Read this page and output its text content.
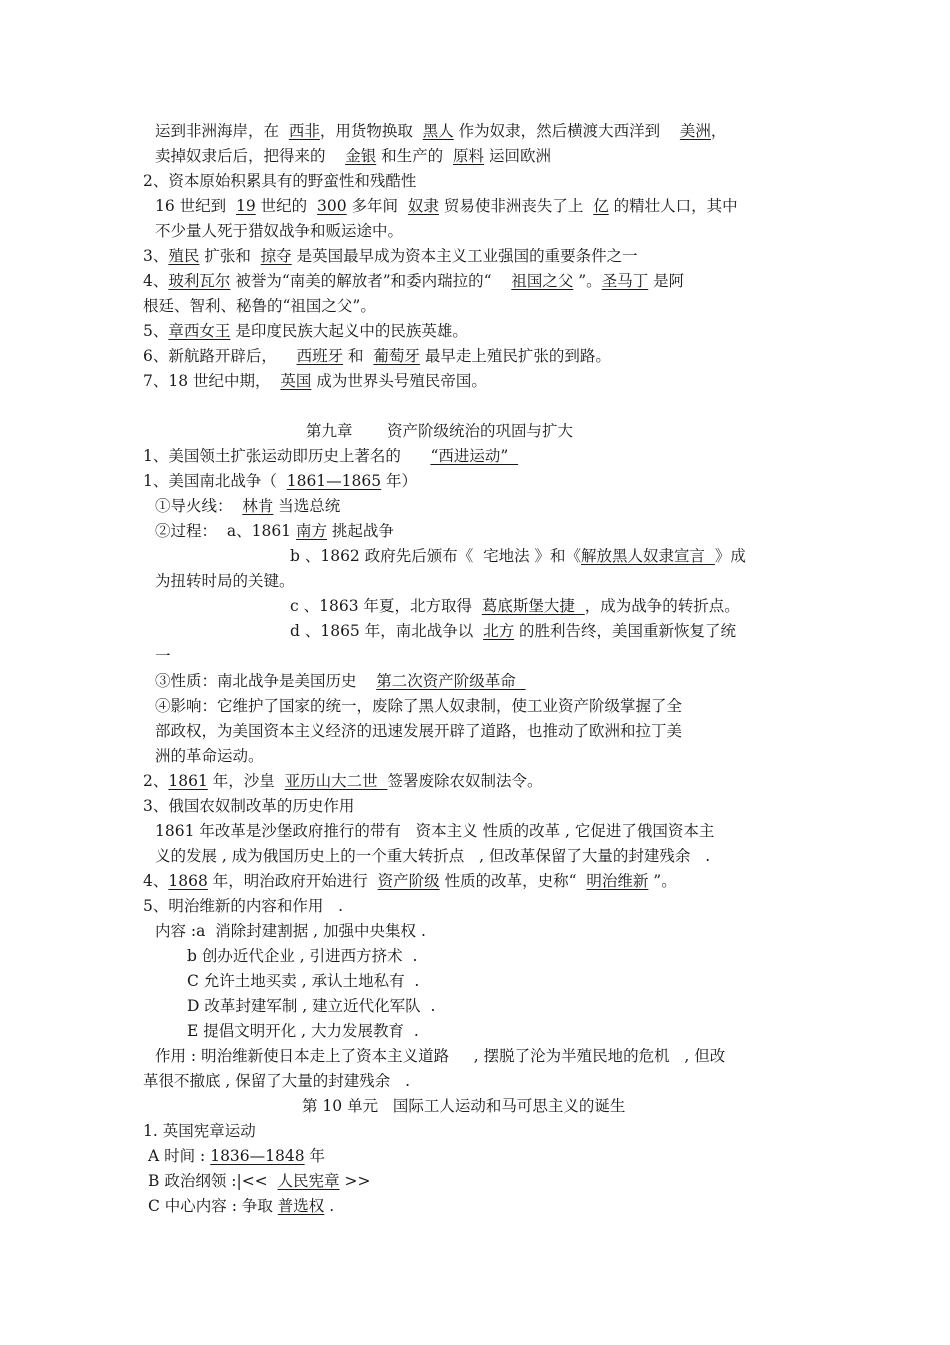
运到非洲海岸，在  西非，用货物换取  黑人 作为奴隶，然后横渡大西洋到    美洲，
卖掉奴隶后后，把得来的    金银 和生产的  原料 运回欧洲
2、资本原始积累具有的野蛮性和残酷性
16 世纪到  19 世纪的  300 多年间  奴隶 贸易使非洲丧失了上  亿 的精壮人口，其中
不少量人死于猎奴战争和贩运途中。
3、殖民 扩张和  掠夺 是英国最早成为资本主义工业强国的重要条件之一
4、玻利瓦尔 被誉为“南美的解放者”和委内瑞拉的“    祖国之父 ”。圣马丁 是阿
根廷、智利、秘鲁的“祖国之父”。
5、章西女王 是印度民族大起义中的民族英雄。
6、新航路开辟后，    西班牙 和  葡萄牙 最早走上殖民扩张的到路。
7、18 世纪中期，  英国 成为世界头号殖民帝国。
第九章       资产阶级统治的巩固与扩大
1、美国领土扩张运动即历史上著名的      “西进运动”
1、美国南北战争（  1861—1865 年）
①导火线：  林肯 当选总统
②过程：  a、1861 南方 挑起战争
b 、1862 政府先后颁布《  宅地法 》和《解放黑人奴隶宣言  》成
为扭转时局的关键。
c 、1863 年夏，北方取得  葛底斯堡大捷  ，成为战争的转折点。
d 、1865 年，南北战争以  北方 的胜利告终，美国重新恢复了统
一
③性质：南北战争是美国历史    第二次资产阶级革命
④影响：它维护了国家的统一，废除了黑人奴隶制，使工业资产阶级掌握了全
部政权，为美国资本主义经济的迅速发展开辟了道路，也推动了欧洲和拉丁美
洲的革命运动。
2、1861 年，沙皇  亚历山大二世  签署废除农奴制法令。
3、俄国农奴制改革的历史作用
1861 年改革是沙堡政府推行的带有   资本主义 性质的改革 , 它促进了俄国资本主
义的发展 , 成为俄国历史上的一个重大转折点   , 但改革保留了大量的封建残余   .
4、1868 年，明治政府开始进行  资产阶级 性质的改革，史称“  明治维新 ”。
5、明治维新的内容和作用   .
内容 :a  消除封建割据 , 加强中央集权 .
b 创办近代企业 , 引进西方挤术  .
C 允许土地买卖 , 承认土地私有  .
D 改革封建军制 , 建立近代化军队  .
E 提倡文明开化 , 大力发展教育  .
作用 : 明治维新使日本走上了资本主义道路     , 摆脱了沦为半殖民地的危机   , 但改
革很不撤底 , 保留了大量的封建残余   .
第 10 单元   国际工人运动和马可思主义的诞生
1. 英国宪章运动
A 时间 : 1836—1848 年
B 政治纲领 :|<<  人民宪章 >>
C 中心内容 : 争取 普选权 .
